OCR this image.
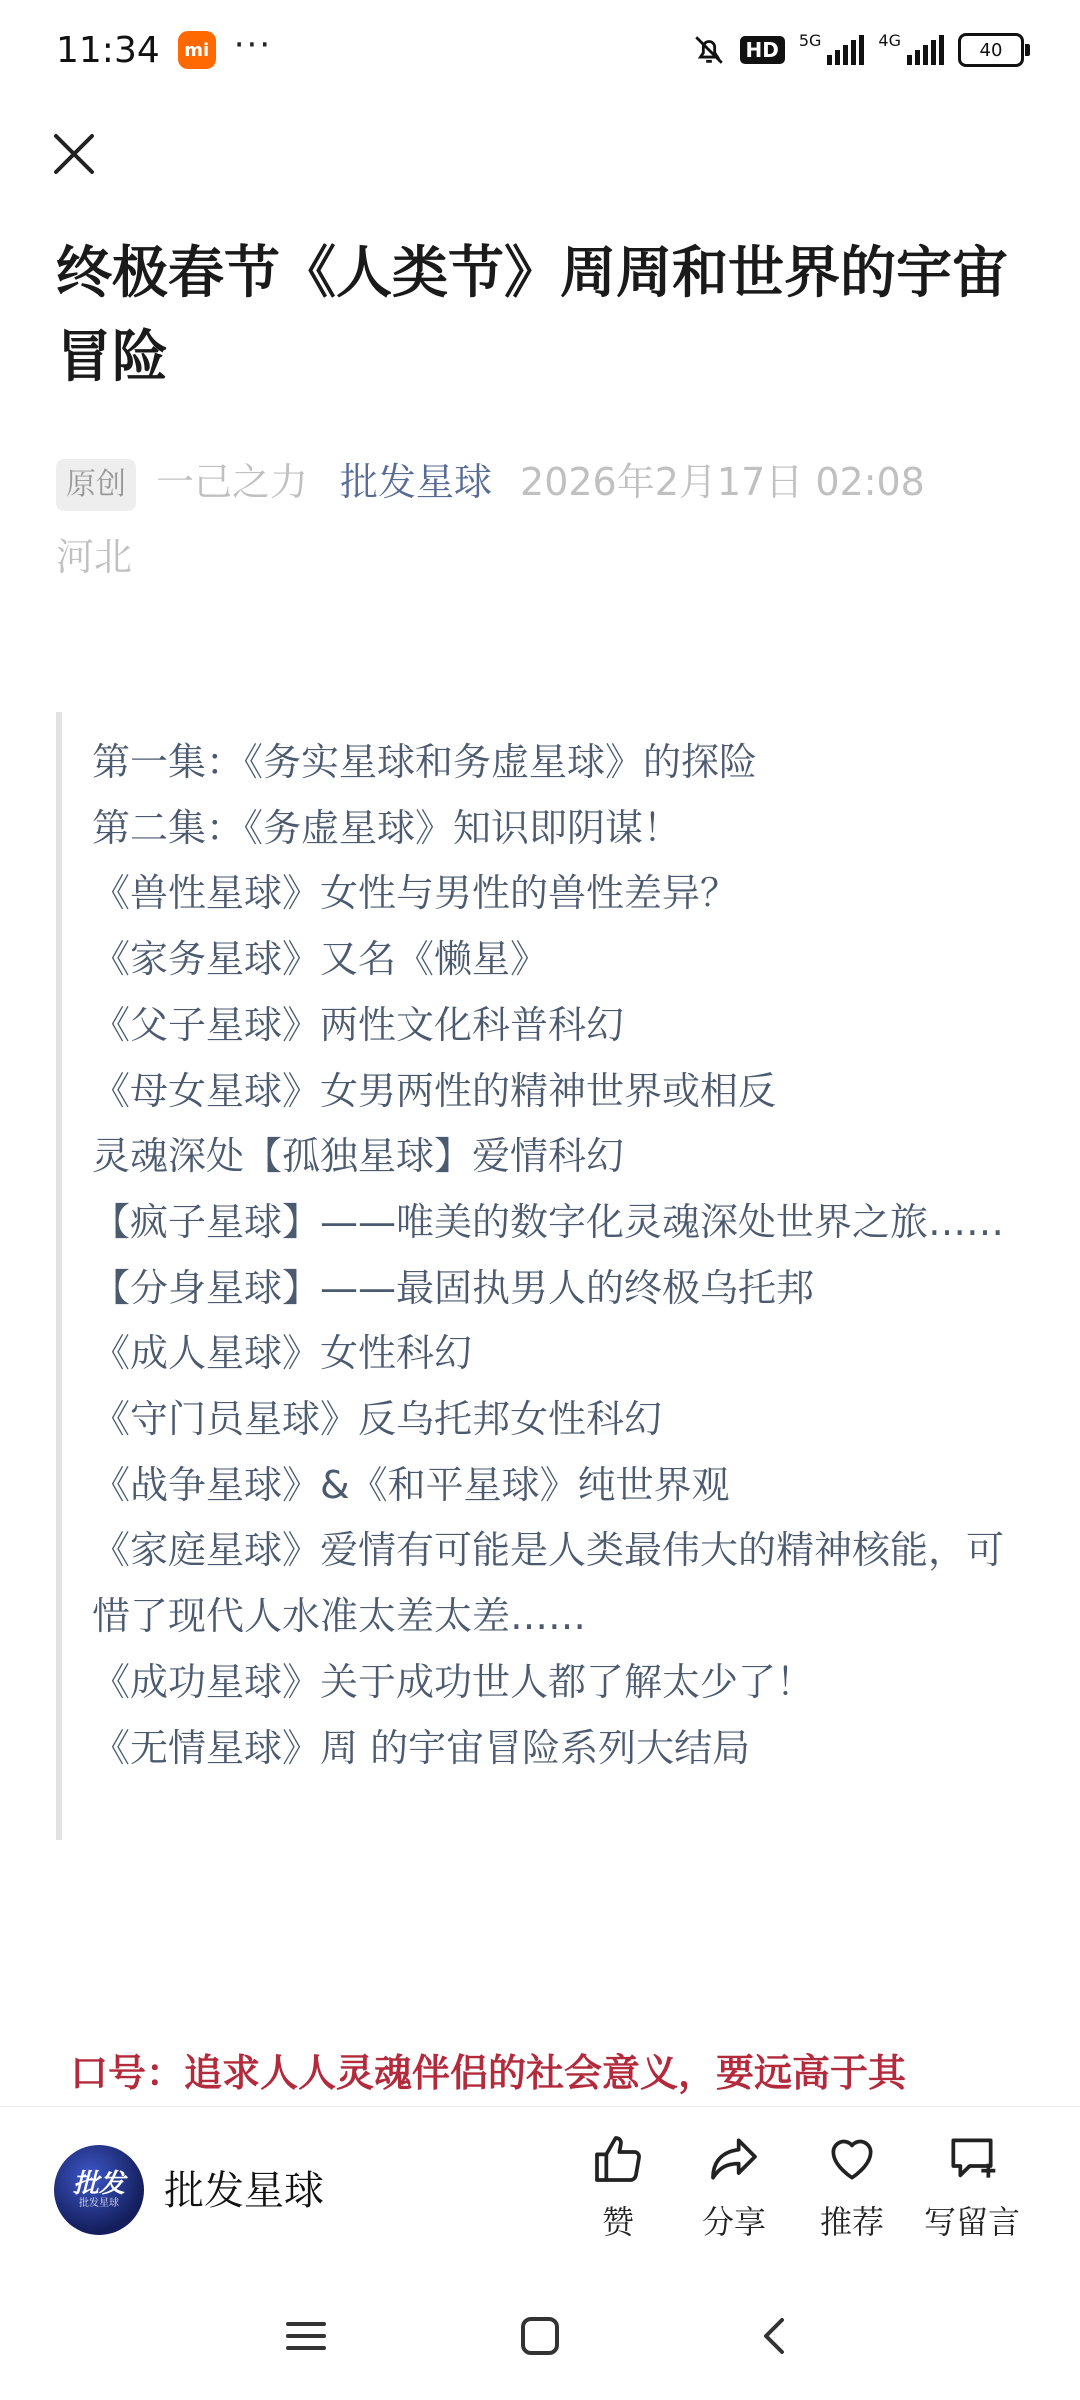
11:34	mi ···	HD	5G	4G	40
终极春节《人类节》周周和世界的宇宙冒险
原创 一己之力 批发星球 2026年2月17日 02:08
河北
第一集：《务实星球和务虚星球》的探险
第二集：《务虚星球》知识即阴谋！
《兽性星球》女性与男性的兽性差异？
《家务星球》又名《懒星》
《父子星球》两性文化科普科幻
《母女星球》女男两性的精神世界或相反
灵魂深处【孤独星球】爱情科幻
【疯子星球】——唯美的数字化灵魂深处世界之旅……
【分身星球】——最固执男人的终极乌托邦
《成人星球》女性科幻
《守门员星球》反乌托邦女性科幻
《战争星球》&《和平星球》纯世界观
《家庭星球》爱情有可能是人类最伟大的精神核能，可惜了现代人水准太差太差……
《成功星球》关于成功世人都了解太少了！
《无情星球》周 的宇宙冒险系列大结局
口号：追求人人灵魂伴侣的社会意义，要远高于其
批发
批发星球 批发星球
赞	分享	推荐	写留言
